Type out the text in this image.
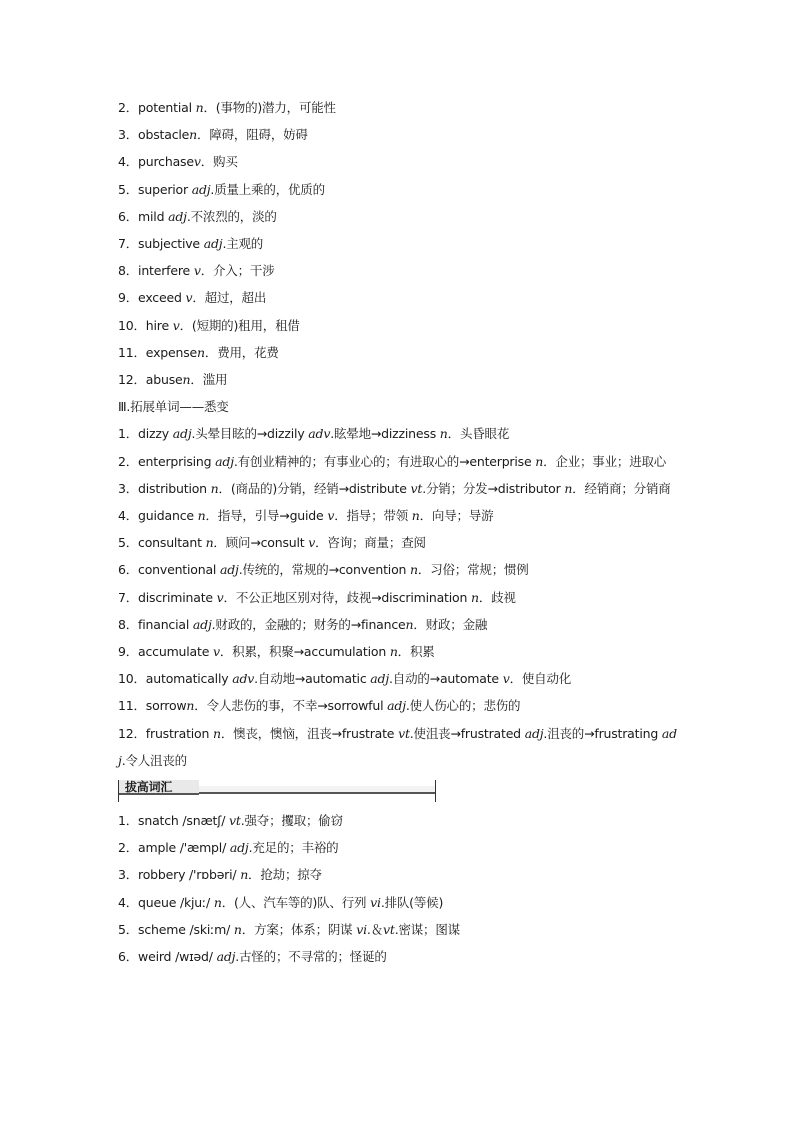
2．potential n．(事物的)潜力，可能性
3．obstaclen．障碍，阻碍，妨碍
4．purchasev．购买
5．superior adj.质量上乘的，优质的
6．mild adj.不浓烈的，淡的
7．subjective adj.主观的
8．interfere v．介入；干涉
9．exceed v．超过，超出
10．hire v．(短期的)租用，租借
11．expensen．费用，花费
12．abusen．滥用
Ⅲ.拓展单词——悉变
1．dizzy adj.头晕目眩的→dizzily adv.眩晕地→dizziness n．头昏眼花
2．enterprising adj.有创业精神的；有事业心的；有进取心的→enterprise n．企业；事业；进取心
3．distribution n．(商品的)分销，经销→distribute vt.分销；分发→distributor n．经销商；分销商
4．guidance n．指导，引导→guide v．指导；带领 n．向导；导游
5．consultant n．顾问→consult v．咨询；商量；查阅
6．conventional adj.传统的，常规的→convention n．习俗；常规；惯例
7．discriminate v．不公正地区别对待，歧视→discrimination n．歧视
8．financial adj.财政的，金融的；财务的→financen．财政；金融
9．accumulate v．积累，积聚→accumulation n．积累
10．automatically adv.自动地→automatic adj.自动的→automate v．使自动化
11．sorrown．令人悲伤的事，不幸→sorrowful adj.使人伤心的；悲伤的
12．frustration n．懊丧，懊恼，沮丧→frustrate vt.使沮丧→frustrated adj.沮丧的→frustrating adj.令人沮丧的
拔高词汇
1．snatch /snætʃ/ vt.强夺；攫取；偷窃
2．ample /'æmpl/ adj.充足的；丰裕的
3．robbery /'rɒbəri/ n．抢劫；掠夺
4．queue /kjuː/ n．(人、汽车等的)队、行列 vi.排队(等候)
5．scheme /skiːm/ n．方案；体系；阴谋 vi.＆vt.密谋；图谋
6．weird /wɪəd/ adj.古怪的；不寻常的；怪诞的
